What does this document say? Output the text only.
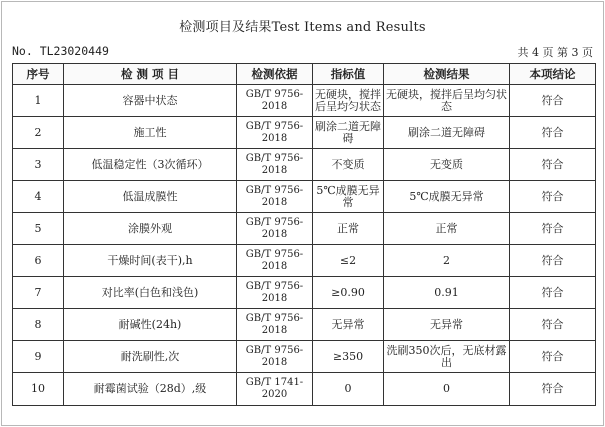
检测项目及结果Test Items and Results
No. TL23020449	共 4 页 第 3 页
序号	检 测 项 目	检测依据	指标值	检测结果	本项结论
1	容器中状态	GB/T 9756-2018	无硬块，搅拌后呈均匀状态	无硬块，搅拌后呈均匀状态	符合
2	施工性	GB/T 9756-2018	刷涂二道无障碍	刷涂二道无障碍	符合
3	低温稳定性（3次循环）	GB/T 9756-2018	不变质	无变质	符合
4	低温成膜性	GB/T 9756-2018	5℃成膜无异常	5℃成膜无异常	符合
5	涂膜外观	GB/T 9756-2018	正常	正常	符合
6	干燥时间(表干),h	GB/T 9756-2018	≤2	2	符合
7	对比率(白色和浅色)	GB/T 9756-2018	≥0.90	0.91	符合
8	耐碱性(24h)	GB/T 9756-2018	无异常	无异常	符合
9	耐洗刷性,次	GB/T 9756-2018	≥350	洗刷350次后，无底材露出	符合
10	耐霉菌试验（28d）,级	GB/T 1741-2020	0	0	符合
